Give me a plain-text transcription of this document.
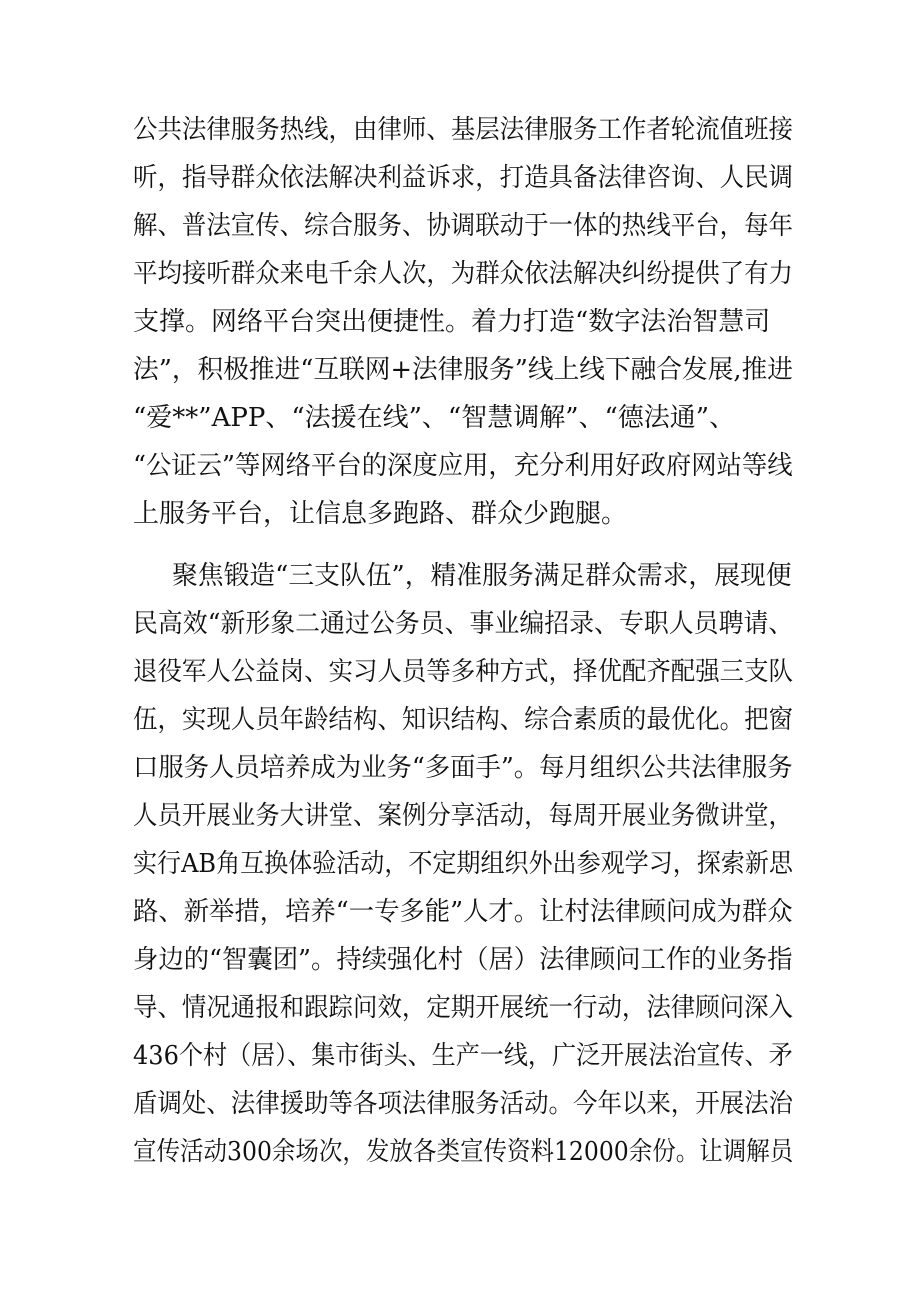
公共法律服务热线，由律师、基层法律服务工作者轮流值班接
听，指导群众依法解决利益诉求，打造具备法律咨询、人民调
解、普法宣传、综合服务、协调联动于一体的热线平台，每年
平均接听群众来电千余人次，为群众依法解决纠纷提供了有力
支撑。网络平台突出便捷性。着力打造“数字法治智慧司
法”，积极推进“互联网+法律服务”线上线下融合发展,推进
“爱**”APP、“法援在线”、“智慧调解”、“德法通”、
“公证云”等网络平台的深度应用，充分利用好政府网站等线
上服务平台，让信息多跑路、群众少跑腿。
聚焦锻造“三支队伍”，精准服务满足群众需求，展现便
民高效“新形象二通过公务员、事业编招录、专职人员聘请、
退役军人公益岗、实习人员等多种方式，择优配齐配强三支队
伍，实现人员年龄结构、知识结构、综合素质的最优化。把窗
口服务人员培养成为业务“多面手”。每月组织公共法律服务
人员开展业务大讲堂、案例分享活动，每周开展业务微讲堂，
实行AB角互换体验活动，不定期组织外出参观学习，探索新思
路、新举措，培养“一专多能”人才。让村法律顾问成为群众
身边的“智囊团”。持续强化村（居）法律顾问工作的业务指
导、情况通报和跟踪问效，定期开展统一行动，法律顾问深入
436个村（居）、集市街头、生产一线，广泛开展法治宣传、矛
盾调处、法律援助等各项法律服务活动。今年以来，开展法治
宣传活动300余场次，发放各类宣传资料12000余份。让调解员
